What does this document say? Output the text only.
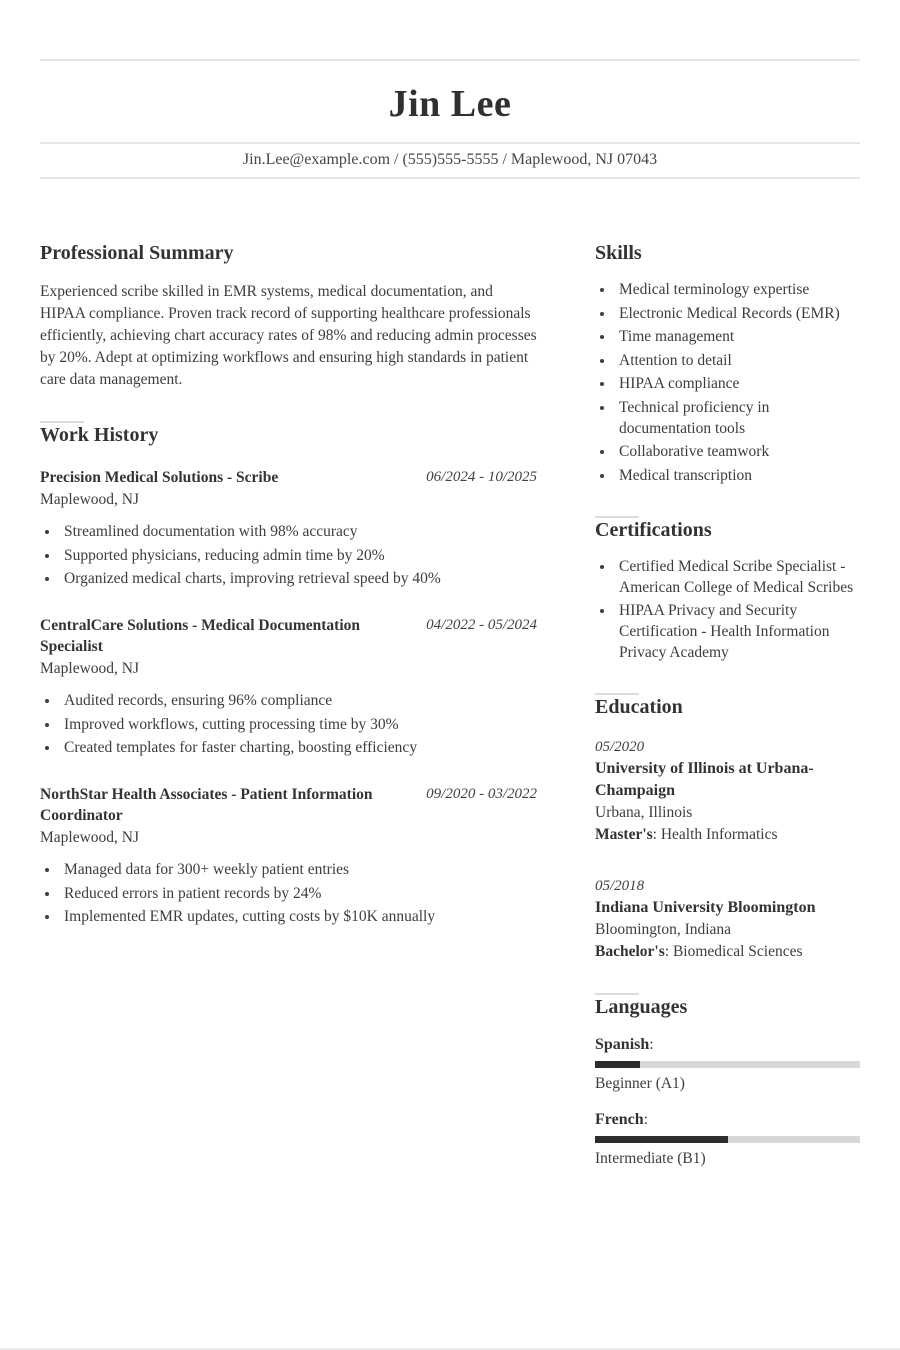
Jin Lee
Jin.Lee@example.com / (555)555-5555 / Maplewood, NJ 07043
Professional Summary

Experienced scribe skilled in EMR systems, medical documentation, and HIPAA compliance. Proven track record of supporting healthcare professionals efficiently, achieving chart accuracy rates of 98% and reducing admin processes by 20%. Adept at optimizing workflows and ensuring high standards in patient care data management.

Work History
Precision Medical Solutions - Scribe	06/2024 - 10/2025
Maplewood, NJ
• Streamlined documentation with 98% accuracy
• Supported physicians, reducing admin time by 20%
• Organized medical charts, improving retrieval speed by 40%
CentralCare Solutions - Medical Documentation Specialist
04/2022 - 05/2024
Maplewood, NJ
• Audited records, ensuring 96% compliance
• Improved workflows, cutting processing time by 30%
• Created templates for faster charting, boosting efficiency
NorthStar Health Associates - Patient Information Coordinator
09/2020 - 03/2022
Maplewood, NJ
• Managed data for 300+ weekly patient entries
• Reduced errors in patient records by 24%
• Implemented EMR updates, cutting costs by $10K annually
Skills
• Medical terminology expertise
• Electronic Medical Records (EMR)
• Time management
• Attention to detail
• HIPAA compliance
• Technical proficiency in documentation tools
• Collaborative teamwork
• Medical transcription
Certifications
• Certified Medical Scribe Specialist - American College of Medical Scribes
• HIPAA Privacy and Security Certification - Health Information Privacy Academy
Education
05/2020
University of Illinois at Urbana-Champaign
Urbana, Illinois
Master's: Health Informatics
05/2018
Indiana University Bloomington
Bloomington, Indiana
Bachelor's: Biomedical Sciences
Languages
Spanish:
Beginner (A1)
French:
Intermediate (B1)
